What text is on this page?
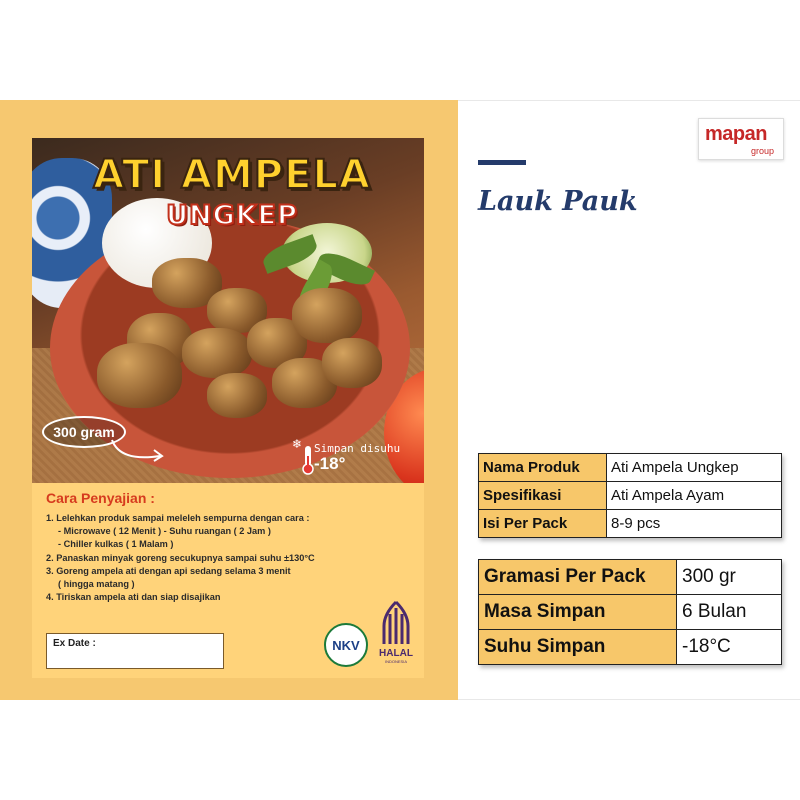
ATI AMPELA
UNGKEP
300 gram
❄ Simpan disuhu
-18°
Cara Penyajian :
1. Lelehkan produk sampai meleleh sempurna dengan cara :
- Microwave ( 12 Menit ) - Suhu ruangan ( 2 Jam )
- Chiller kulkas ( 1 Malam )
2. Panaskan minyak goreng secukupnya sampai suhu ±130°C
3. Goreng ampela ati dengan api sedang selama 3 menit
( hingga matang )
4. Tiriskan ampela ati dan siap disajikan
Ex Date :	NKV
HALAL
INDONESIA
mapan
group
Lauk Pauk
Nama Produk	Ati Ampela Ungkep
Spesifikasi	Ati Ampela Ayam
Isi Per Pack	8-9 pcs
Gramasi Per Pack	300 gr
Masa Simpan	6 Bulan
Suhu Simpan	-18°C
